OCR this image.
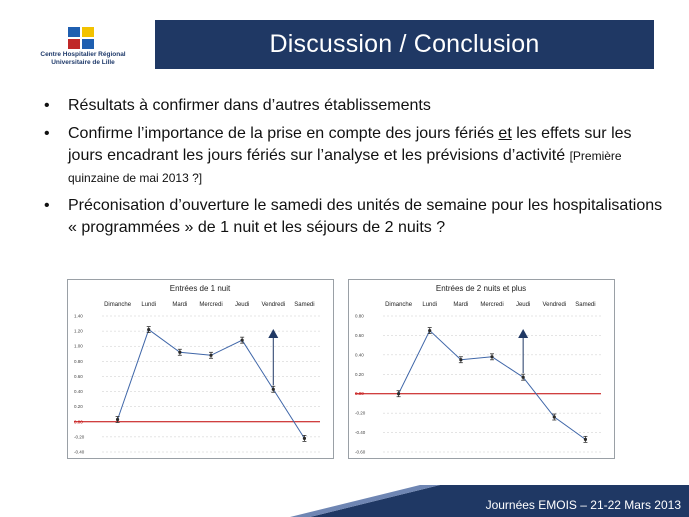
Centre Hospitalier Régional
Universitaire de Lille
Discussion / Conclusion
• Résultats à confirmer dans d’autres établissements
• Confirme l’importance de la prise en compte des jours fériés et les effets sur les jours encadrant les jours fériés sur l’analyse et les prévisions d’activité [Première quinzaine de mai 2013 ?]
• Préconisation d’ouverture le samedi des unités de semaine pour les hospitalisations « programmées » de 1 nuit et les séjours de 2 nuits ?
Entrées de 1 nuit
Dimanche Lundi	Mardi Mercredi Jeudi Vendredi Samedi
1.40
1.20
1.00
0.80
0.60
0.40
0.20
0.00
-0.20
-0.40
Entrées de 2 nuits et plus
Dimanche Lundi	Mardi Mercredi Jeudi Vendredi Samedi
0.80
0.60
0.40
0.20
0.00
-0.20
-0.40
-0.60
Journées EMOIS – 21-22 Mars 2013
